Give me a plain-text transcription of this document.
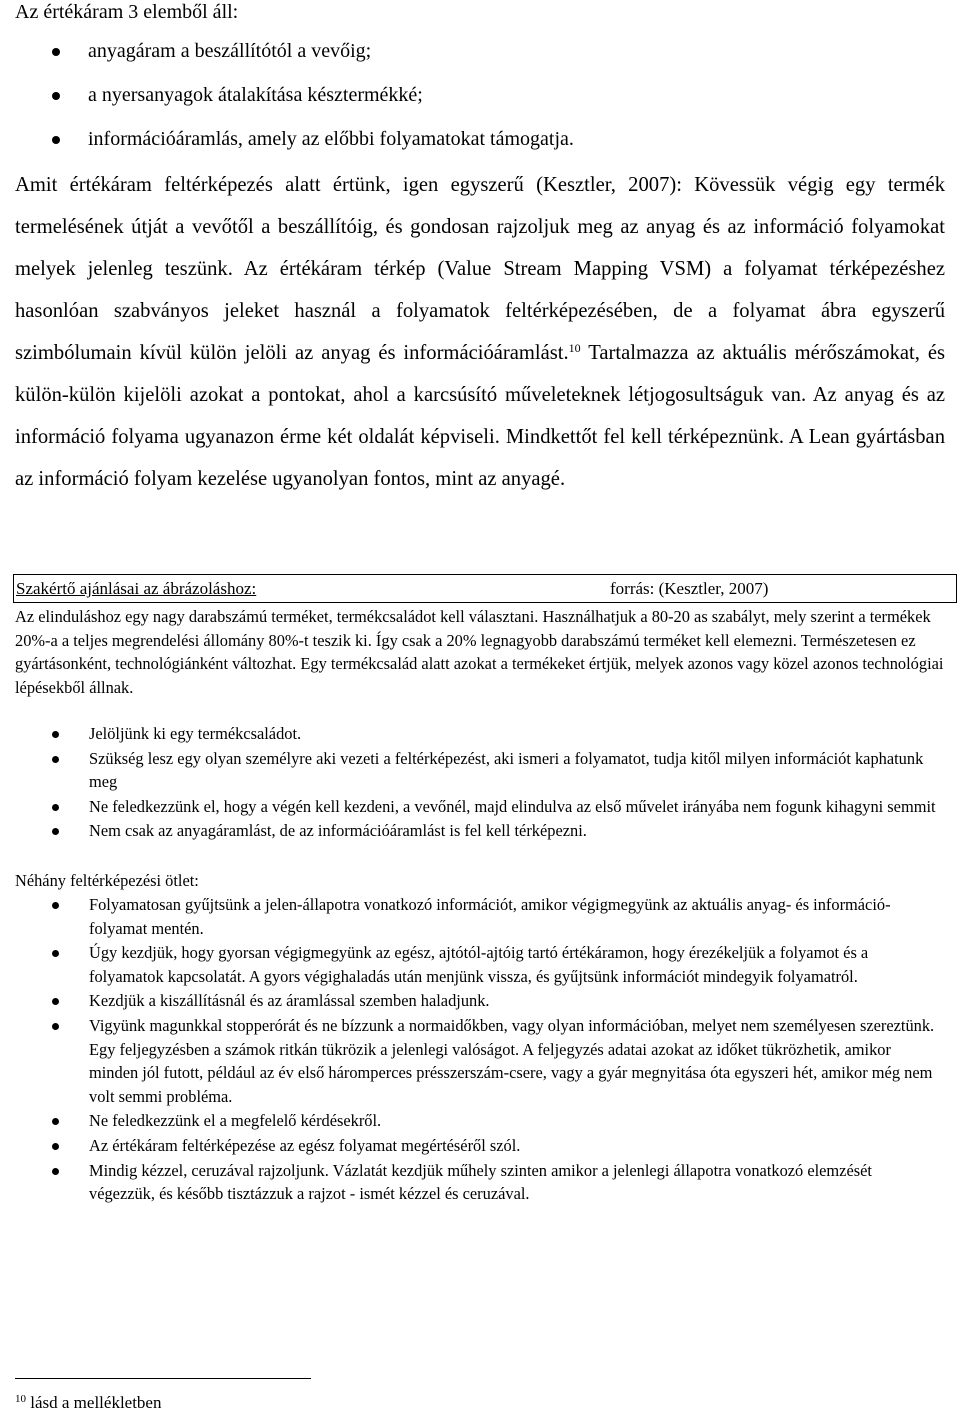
Az értékáram 3 elemből áll:
anyagáram a beszállítótól a vevőig;
a nyersanyagok átalakítása késztermékké;
információáramlás, amely az előbbi folyamatokat támogatja.

Amit értékáram feltérképezés alatt értünk, igen egyszerű (Kesztler, 2007): Kövessük végig egy termék termelésének útját a vevőtől a beszállítóig, és gondosan rajzoljuk meg az anyag és az információ folyamokat melyek jelenleg teszünk. Az értékáram térkép (Value Stream Mapping VSM) a folyamat térképezéshez hasonlóan szabványos jeleket használ a folyamatok feltérképezésében, de a folyamat ábra egyszerű szimbólumain kívül külön jelöli az anyag és információáramlást.$^{10}$ Tartalmazza az aktuális mérőszámokat, és külön-külön kijelöli azokat a pontokat, ahol a karcsúsító műveleteknek létjogosultságuk van. Az anyag és az információ folyama ugyanazon érme két oldalát képviseli. Mindkettőt fel kell térképeznünk. A Lean gyártásban az információ folyam kezelése ugyanolyan fontos, mint az anyagé.

Szakértő ajánlásai az ábrázoláshoz:	forrás: (Kesztler, 2007)

Az elinduláshoz egy nagy darabszámú terméket, termékcsaládot kell választani. Használhatjuk a 80-20 as szabályt, mely szerint a termékek 20%-a a teljes megrendelési állomány 80%-t teszik ki. Így csak a 20% legnagyobb darabszámú terméket kell elemezni. Természetesen ez gyártásonként, technológiánként változhat. Egy termékcsalád alatt azokat a termékeket értjük, melyek azonos vagy közel azonos technológiai lépésekből állnak.

Jelöljünk ki egy termékcsaládot.
Szükség lesz egy olyan személyre aki vezeti a feltérképezést, aki ismeri a folyamatot, tudja kitől milyen információt kaphatunk meg
Ne feledkezzünk el, hogy a végén kell kezdeni, a vevőnél, majd elindulva az első művelet irányába nem fogunk kihagyni semmit
Nem csak az anyagáramlást, de az információáramlást is fel kell térképezni.

Néhány feltérképezési ötlet:

Folyamatosan gyűjtsünk a jelen-állapotra vonatkozó információt, amikor végigmegyünk az aktuális anyag- és információ-folyamat mentén.
Úgy kezdjük, hogy gyorsan végigmegyünk az egész, ajtótól-ajtóig tartó értékáramon, hogy érezékeljük a folyamot és a folyamatok kapcsolatát. A gyors végighaladás után menjünk vissza, és gyűjtsünk információt mindegyik folyamatról.
Kezdjük a kiszállításnál és az áramlással szemben haladjunk.
Vigyünk magunkkal stopperórát és ne bízzunk a normaidőkben, vagy olyan információban, melyet nem személyesen szereztünk. Egy feljegyzésben a számok ritkán tükrözik a jelenlegi valóságot. A feljegyzés adatai azokat az időket tükrözhetik, amikor minden jól futott, például az év első háromperces présszerszám-csere, vagy a gyár megnyitása óta egyszeri hét, amikor még nem volt semmi probléma.
Ne feledkezzünk el a megfelelő kérdésekről.
Az értékáram feltérképezése az egész folyamat megértéséről szól.
Mindig kézzel, ceruzával rajzoljunk. Vázlatát kezdjük műhely szinten amikor a jelenlegi állapotra vonatkozó elemzését végezzük, és később tisztázzuk a rajzot - ismét kézzel és ceruzával.
$^{10}$ lásd a mellékletben
